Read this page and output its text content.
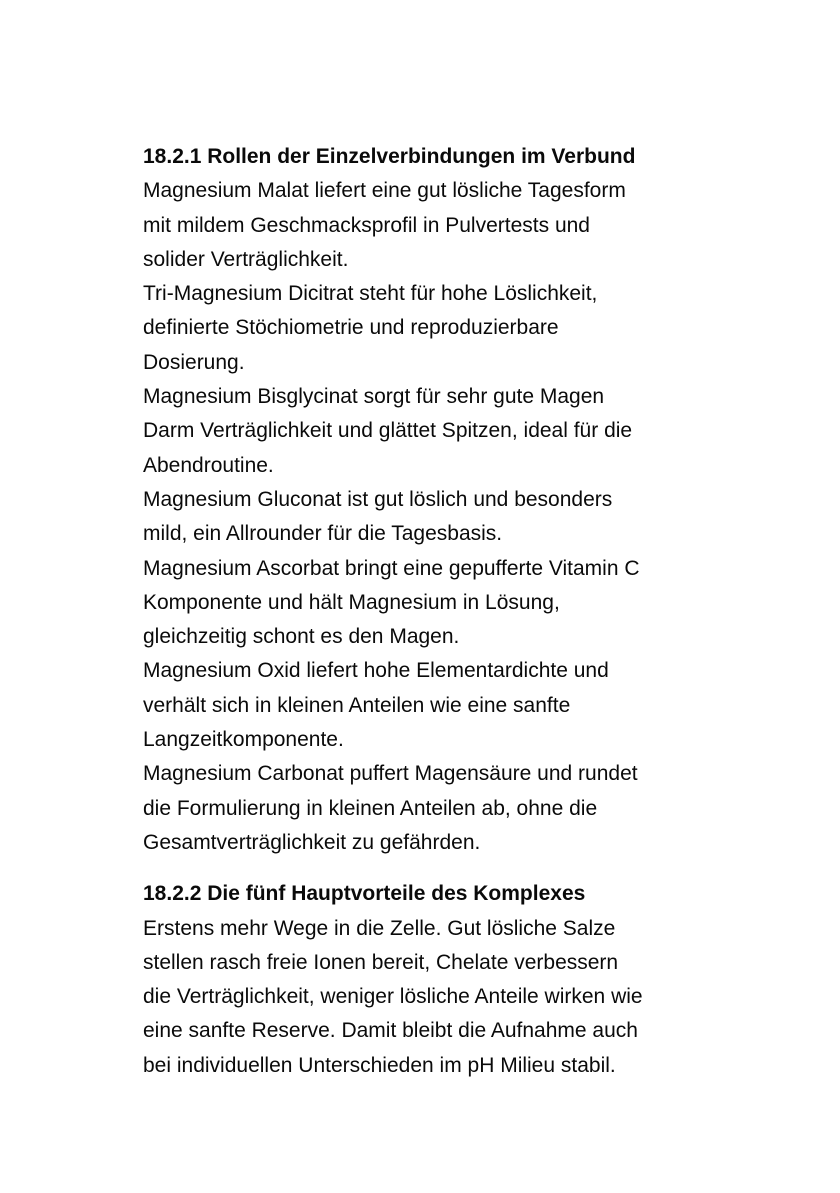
18.2.1 Rollen der Einzelverbindungen im Verbund

Magnesium Malat liefert eine gut lösliche Tagesform

mit mildem Geschmacksprofil in Pulvertests und

solider Verträglichkeit.

Tri-Magnesium Dicitrat steht für hohe Löslichkeit,

definierte Stöchiometrie und reproduzierbare

Dosierung.

Magnesium Bisglycinat sorgt für sehr gute Magen

Darm Verträglichkeit und glättet Spitzen, ideal für die

Abendroutine.

Magnesium Gluconat ist gut löslich und besonders

mild, ein Allrounder für die Tagesbasis.

Magnesium Ascorbat bringt eine gepufferte Vitamin C

Komponente und hält Magnesium in Lösung,

gleichzeitig schont es den Magen.

Magnesium Oxid liefert hohe Elementardichte und

verhält sich in kleinen Anteilen wie eine sanfte

Langzeitkomponente.

Magnesium Carbonat puffert Magensäure und rundet

die Formulierung in kleinen Anteilen ab, ohne die

Gesamtverträglichkeit zu gefährden.

18.2.2 Die fünf Hauptvorteile des Komplexes

Erstens mehr Wege in die Zelle. Gut lösliche Salze

stellen rasch freie Ionen bereit, Chelate verbessern

die Verträglichkeit, weniger lösliche Anteile wirken wie

eine sanfte Reserve. Damit bleibt die Aufnahme auch

bei individuellen Unterschieden im pH Milieu stabil.
